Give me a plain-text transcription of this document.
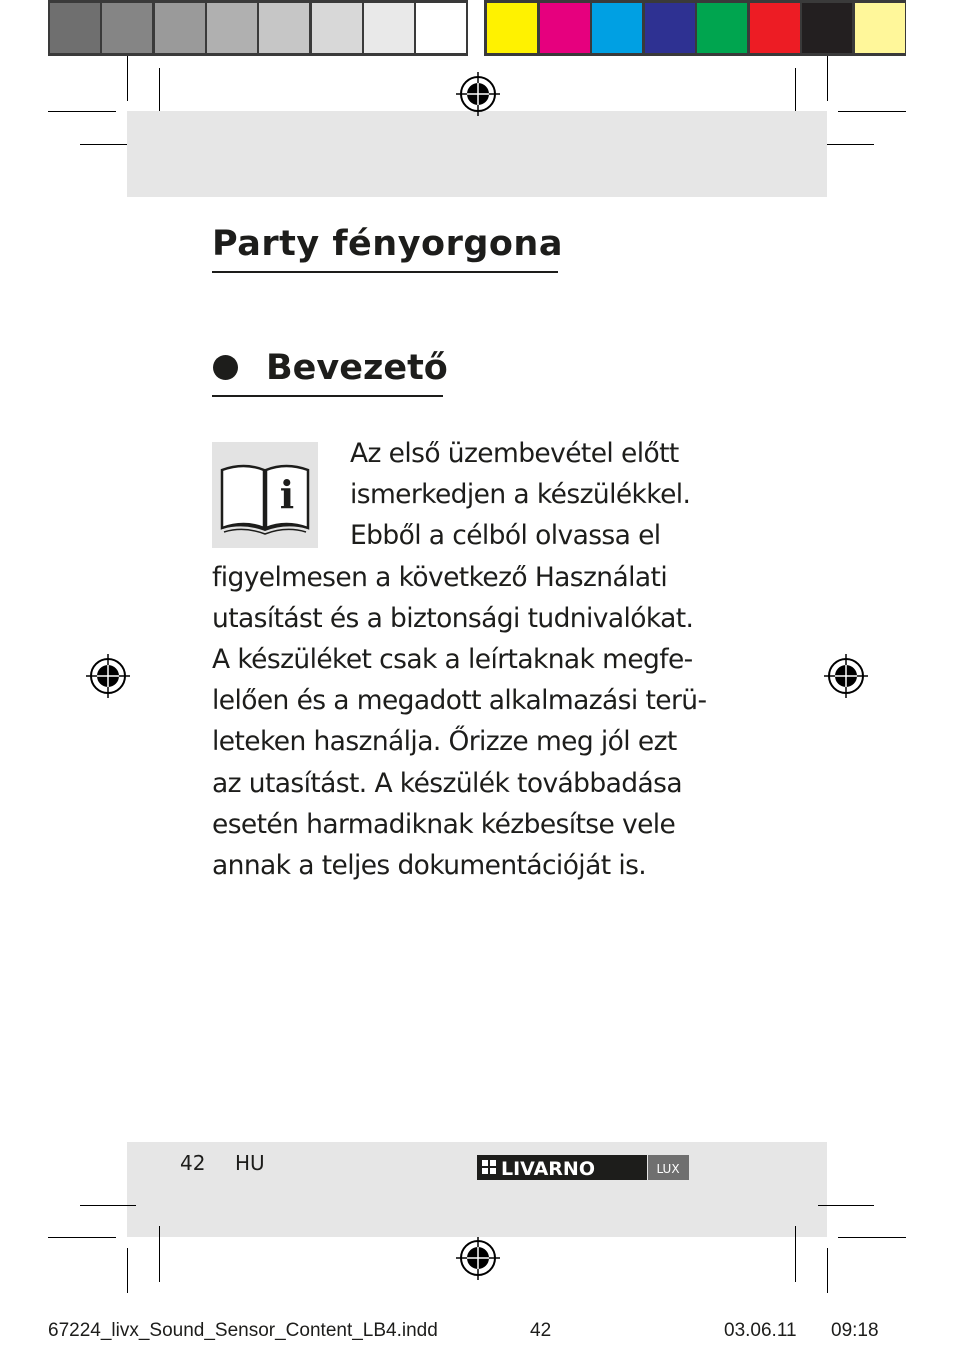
Party fényorgona
Bevezető
i

Az első üzembevétel előtt
ismerkedjen a készülékkel.
Ebből a célból olvassa el
figyelmesen a következő Használati
utasítást és a biztonsági tudnivalókat.
A készüléket csak a leírtaknak megfe-
lelően és a megadott alkalmazási terü-
leteken használja. Őrizze meg jól ezt
az utasítást. A készülék továbbadása
esetén harmadiknak kézbesítse vele
annak a teljes dokumentációját is.

42 HU	LIVARNO	LUX
67224_livx_Sound_Sensor_Content_LB4.indd	42	03.06.11 09:18
